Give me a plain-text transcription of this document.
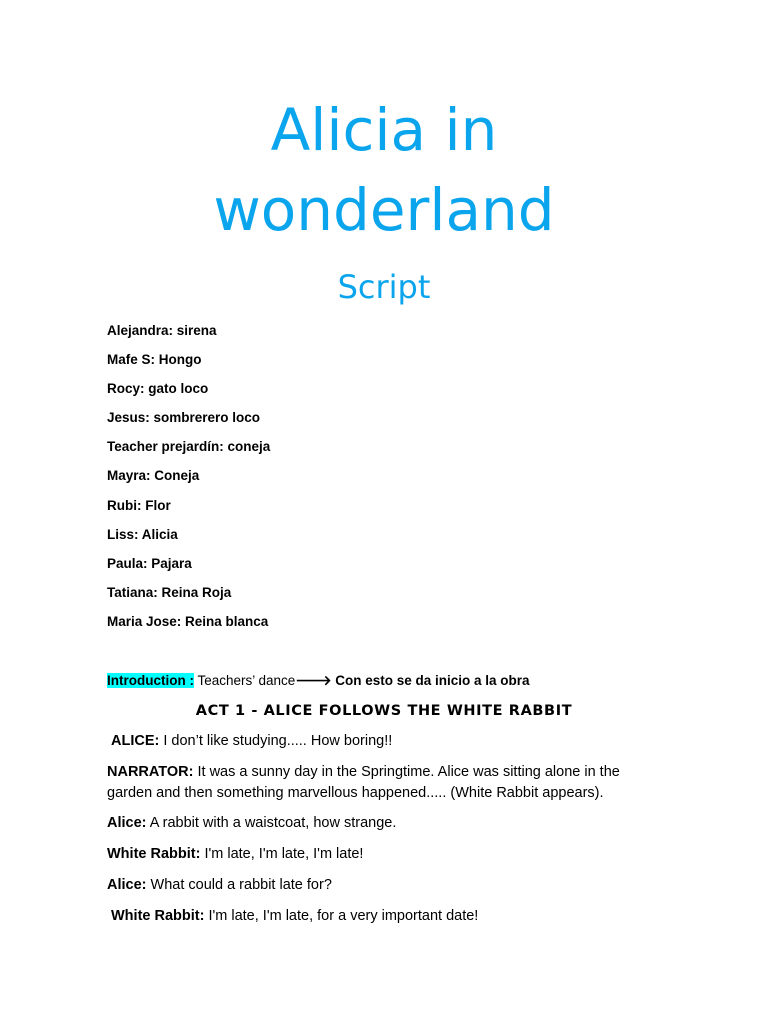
Alicia in
wonderland
Script
Alejandra: sirena
Mafe S: Hongo
Rocy: gato loco
Jesus: sombrerero loco
Teacher prejardín: coneja
Mayra: Coneja
Rubi: Flor
Liss: Alicia
Paula: Pajara
Tatiana: Reina Roja
Maria Jose: Reina blanca
Introduction : Teachers’ dance🡒 Con esto se da inicio a la obra
ACT 1 - ALICE FOLLOWS THE WHITE RABBIT

ALICE: I don’t like studying..... How boring!!

NARRATOR: It was a sunny day in the Springtime. Alice was sitting alone in the garden and then something marvellous happened..... (White Rabbit appears).

Alice: A rabbit with a waistcoat, how strange.

White Rabbit: I'm late, I'm late, I'm late!

Alice: What could a rabbit late for?

White Rabbit: I'm late, I'm late, for a very important date!
